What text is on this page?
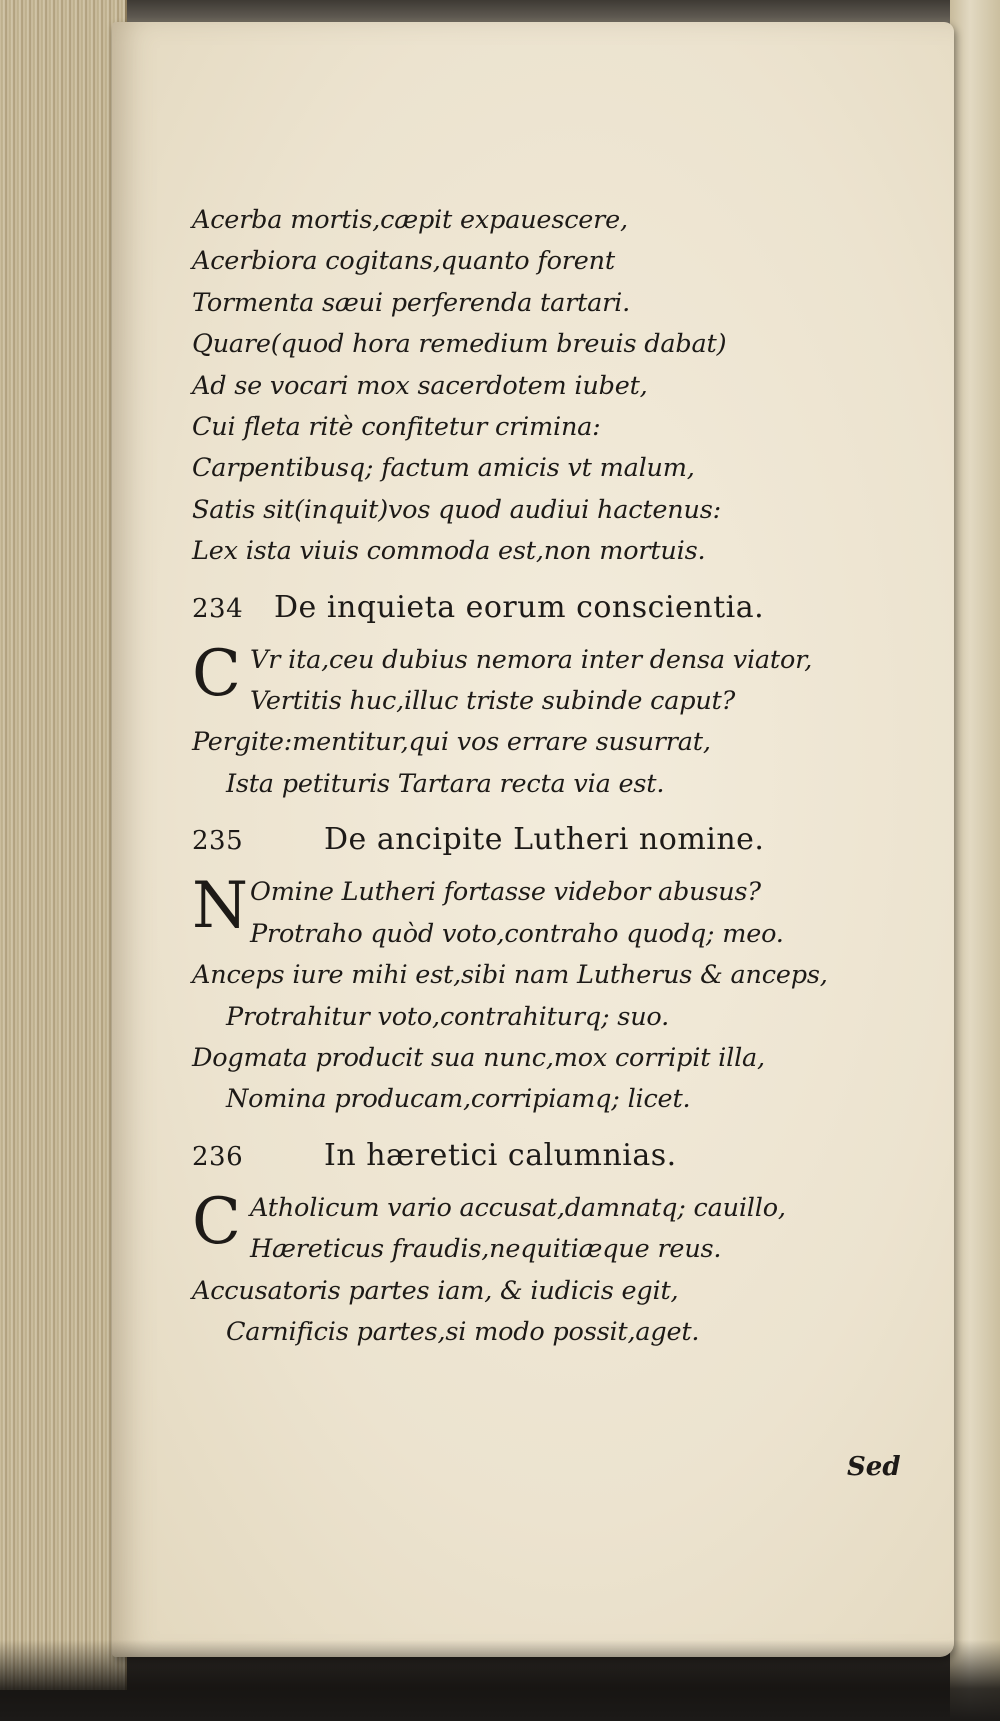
Acerba mortis,cæpit expauescere,
Acerbiora cogitans,quanto forent
Tormenta sæui perferenda tartari.
Quare(quod hora remedium breuis dabat)
Ad se vocari mox sacerdotem iubet,
Cui fleta ritè confitetur crimina:
Carpentibusq; factum amicis vt malum,
Satis sit(inquit)vos quod audiui hactenus:
Lex ista viuis commoda est,non mortuis.
234	De inquieta eorum conscientia.
C Vr ita,ceu dubius nemora inter densa viator,
Vertitis huc,illuc triste subinde caput?
Pergite:mentitur,qui vos errare susurrat,
Ista petituris Tartara recta via est.
235	De ancipite Lutheri nomine.
N Omine Lutheri fortasse videbor abusus?
Protraho quòd voto,contraho quodq; meo.
Anceps iure mihi est,sibi nam Lutherus & anceps,
Protrahitur voto,contrahiturq; suo.
Dogmata producit sua nunc,mox corripit illa,
Nomina producam,corripiamq; licet.
236	In hæretici calumnias.
C Atholicum vario accusat,damnatq; cauillo,
Hæreticus fraudis,nequitiæque reus.
Accusatoris partes iam, & iudicis egit,
Carnificis partes,si modo possit,aget.
Sed
